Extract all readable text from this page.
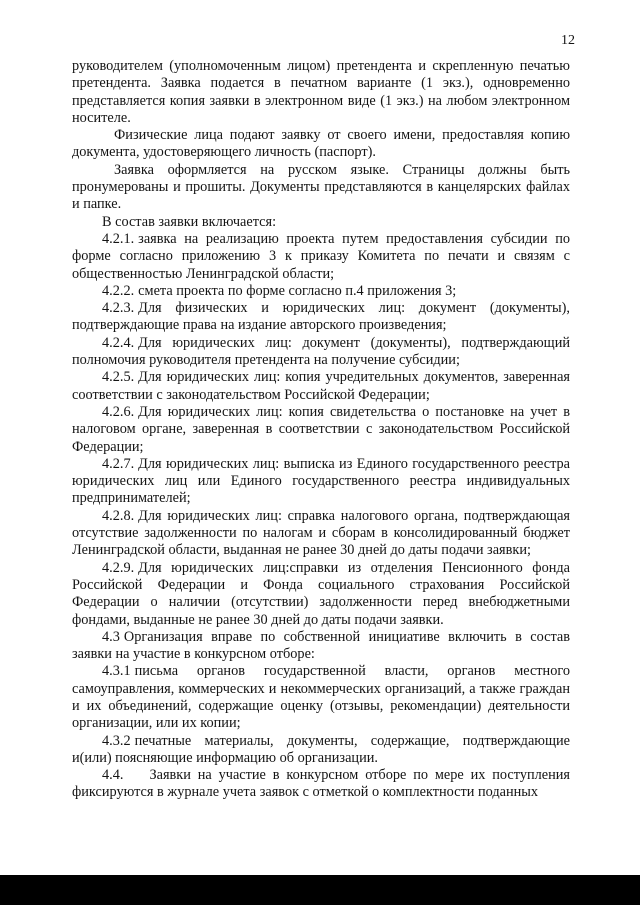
12

руководителем (уполномоченным лицом) претендента и скрепленную печатью претендента. Заявка подается в печатном варианте (1 экз.), одновременно представляется копия заявки в электронном виде (1 экз.) на любом электронном носителе.

Физические лица подают заявку от своего имени, предоставляя копию документа, удостоверяющего личность (паспорт).

Заявка оформляется на русском языке. Страницы должны быть пронумерованы и прошиты. Документы представляются в канцелярских файлах и папке.

В состав заявки включается:

4.2.1. заявка на реализацию проекта путем предоставления субсидии по форме согласно приложению 3 к приказу Комитета по печати и связям с общественностью Ленинградской области;

4.2.2. смета проекта по форме согласно п.4 приложения 3;

4.2.3. Для физических и юридических лиц: документ (документы), подтверждающие права на издание авторского произведения;

4.2.4. Для юридических лиц: документ (документы), подтверждающий полномочия руководителя претендента на получение субсидии;

4.2.5. Для юридических лиц: копия учредительных документов, заверенная соответствии с законодательством Российской Федерации;

4.2.6. Для юридических лиц: копия свидетельства о постановке на учет в налоговом органе, заверенная в соответствии с законодательством Российской Федерации;

4.2.7. Для юридических лиц: выписка из Единого государственного реестра юридических лиц или Единого государственного реестра индивидуальных предпринимателей;

4.2.8. Для юридических лиц: справка налогового органа, подтверждающая отсутствие задолженности по налогам и сборам в консолидированный бюджет Ленинградской области, выданная не ранее 30 дней до даты подачи заявки;

4.2.9. Для юридических лиц:справки из отделения Пенсионного фонда Российской Федерации и Фонда социального страхования Российской Федерации о наличии (отсутствии) задолженности перед внебюджетными фондами, выданные не ранее 30 дней до даты подачи заявки.

4.3 Организация вправе по собственной инициативе включить в состав заявки на участие в конкурсном отборе:

4.3.1 письма органов государственной власти, органов местного самоуправления, коммерческих и некоммерческих организаций, а также граждан и их объединений, содержащие оценку (отзывы, рекомендации) деятельности организации, или их копии;

4.3.2 печатные материалы, документы, содержащие, подтверждающие и(или) поясняющие информацию об организации.

4.4. Заявки на участие в конкурсном отборе по мере их поступления фиксируются в журнале учета заявок с отметкой о комплектности поданных
